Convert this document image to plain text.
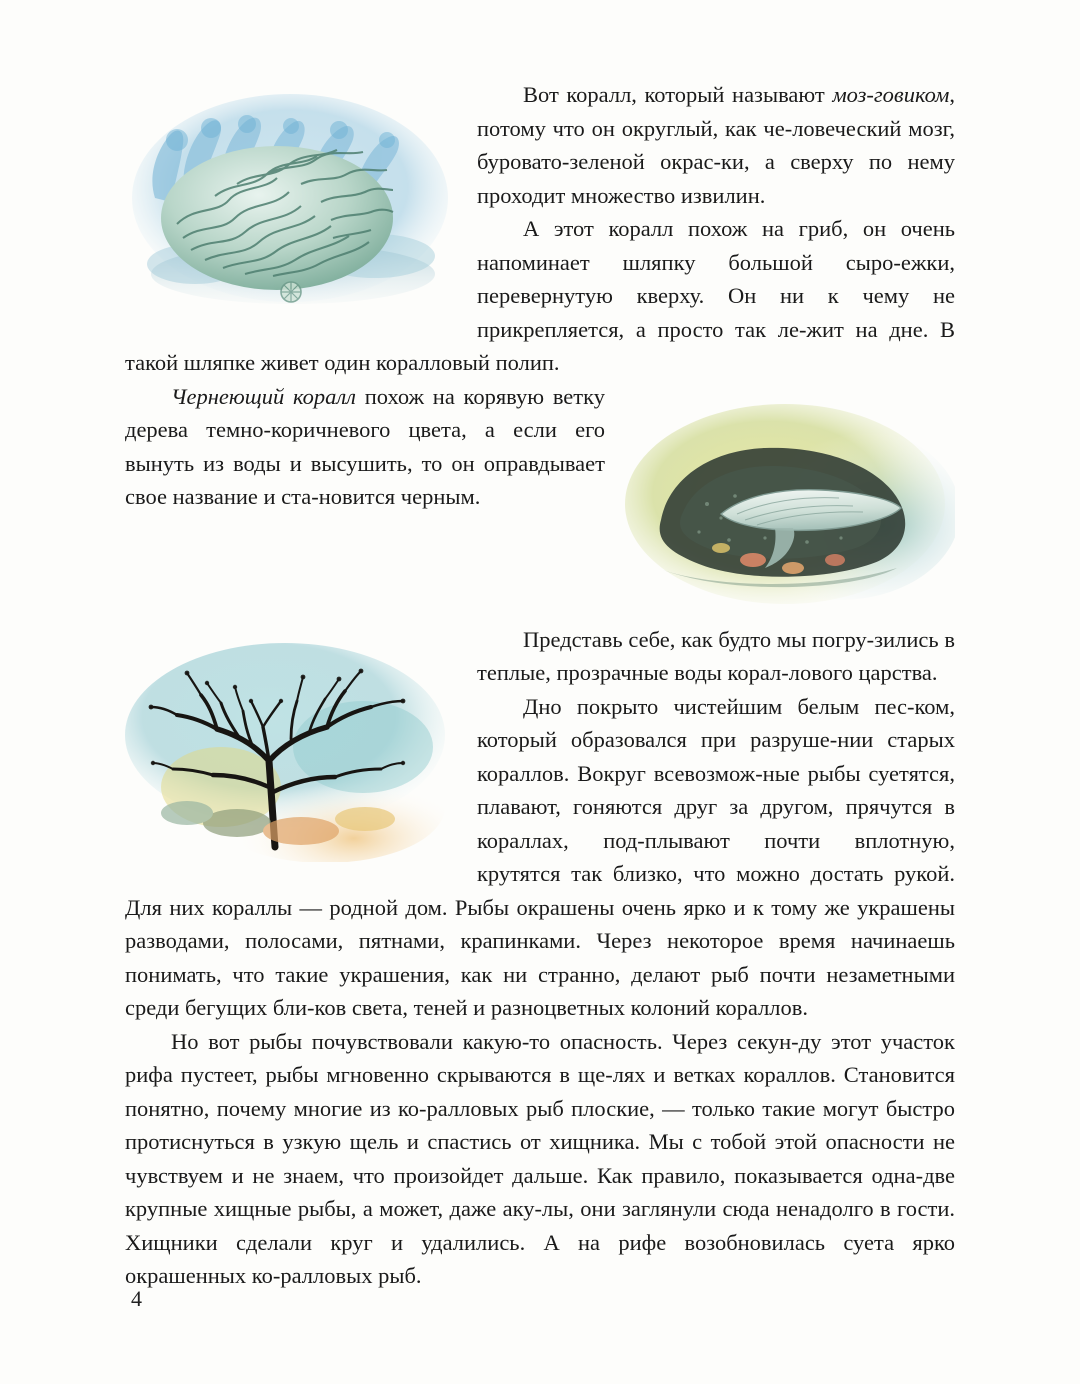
Вот коралл, который называют моз-говиком, потому что он округлый, как че-ловеческий мозг, буровато-зеленой окрас-ки, а сверху по нему проходит множество извилин.

А этот коралл похож на гриб, он очень напоминает шляпку большой сыро-ежки, перевернутую кверху. Он ни к чему не прикрепляется, а просто так ле-жит на дне. В такой шляпке живет один коралловый полип.

Чернеющий коралл похож на корявую ветку дерева темно-коричневого цвета, а если его вынуть из воды и высушить, то он оправдывает свое название и ста-новится черным.

Представь себе, как будто мы погру-зились в теплые, прозрачные воды корал-лового царства.

Дно покрыто чистейшим белым пес-ком, который образовался при разруше-нии старых кораллов. Вокруг всевозмож-ные рыбы суетятся, плавают, гоняются друг за другом, прячутся в кораллах, под-плывают почти вплотную, крутятся так близко, что можно достать рукой. Для них кораллы — родной дом. Рыбы окрашены очень ярко и к тому же украшены разводами, полосами, пятнами, крапинками. Через некоторое время начинаешь понимать, что такие украшения, как ни странно, делают рыб почти незаметными среди бегущих бли-ков света, теней и разноцветных колоний кораллов.

Но вот рыбы почувствовали какую-то опасность. Через секун-ду этот участок рифа пустеет, рыбы мгновенно скрываются в ще-лях и ветках кораллов. Становится понятно, почему многие из ко-ралловых рыб плоские, — только такие могут быстро протиснуться в узкую щель и спастись от хищника. Мы с тобой этой опасности не чувствуем и не знаем, что произойдет дальше. Как правило, показывается одна-две крупные хищные рыбы, а может, даже аку-лы, они заглянули сюда ненадолго в гости. Хищники сделали круг и удалились. А на рифе возобновилась суета ярко окрашенных ко-ралловых рыб.

4
